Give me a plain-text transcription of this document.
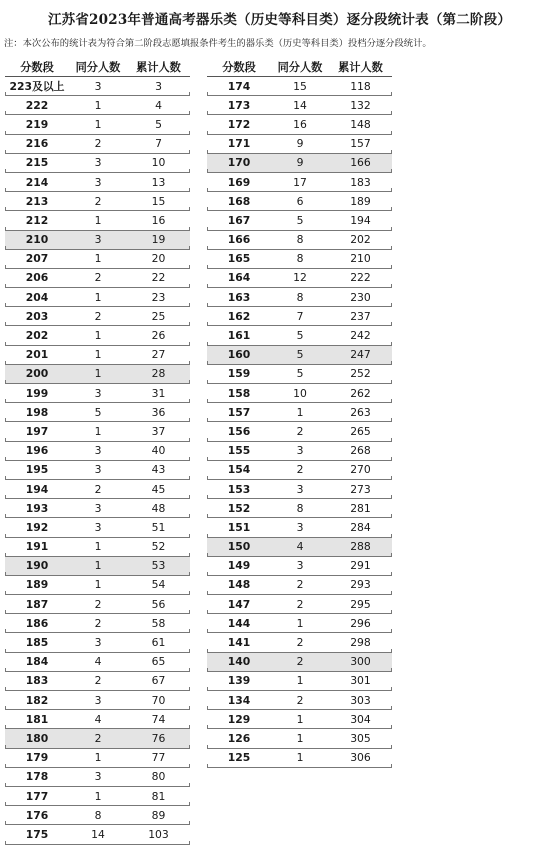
江苏省2023年普通高考器乐类（历史等科目类）逐分段统计表（第二阶段）
注：本次公布的统计表为符合第二阶段志愿填报条件考生的器乐类（历史等科目类）投档分逐分段统计。
分数段	同分人数	累计人数
223及以上	3	3
222	1	4
219	1	5
216	2	7
215	3	10
214	3	13
213	2	15
212	1	16
210	3	19
207	1	20
206	2	22
204	1	23
203	2	25
202	1	26
201	1	27
200	1	28
199	3	31
198	5	36
197	1	37
196	3	40
195	3	43
194	2	45
193	3	48
192	3	51
191	1	52
190	1	53
189	1	54
187	2	56
186	2	58
185	3	61
184	4	65
183	2	67
182	3	70
181	4	74
180	2	76
179	1	77
178	3	80
177	1	81
176	8	89
175	14	103
分数段	同分人数	累计人数
174	15	118
173	14	132
172	16	148
171	9	157
170	9	166
169	17	183
168	6	189
167	5	194
166	8	202
165	8	210
164	12	222
163	8	230
162	7	237
161	5	242
160	5	247
159	5	252
158	10	262
157	1	263
156	2	265
155	3	268
154	2	270
153	3	273
152	8	281
151	3	284
150	4	288
149	3	291
148	2	293
147	2	295
144	1	296
141	2	298
140	2	300
139	1	301
134	2	303
129	1	304
126	1	305
125	1	306
